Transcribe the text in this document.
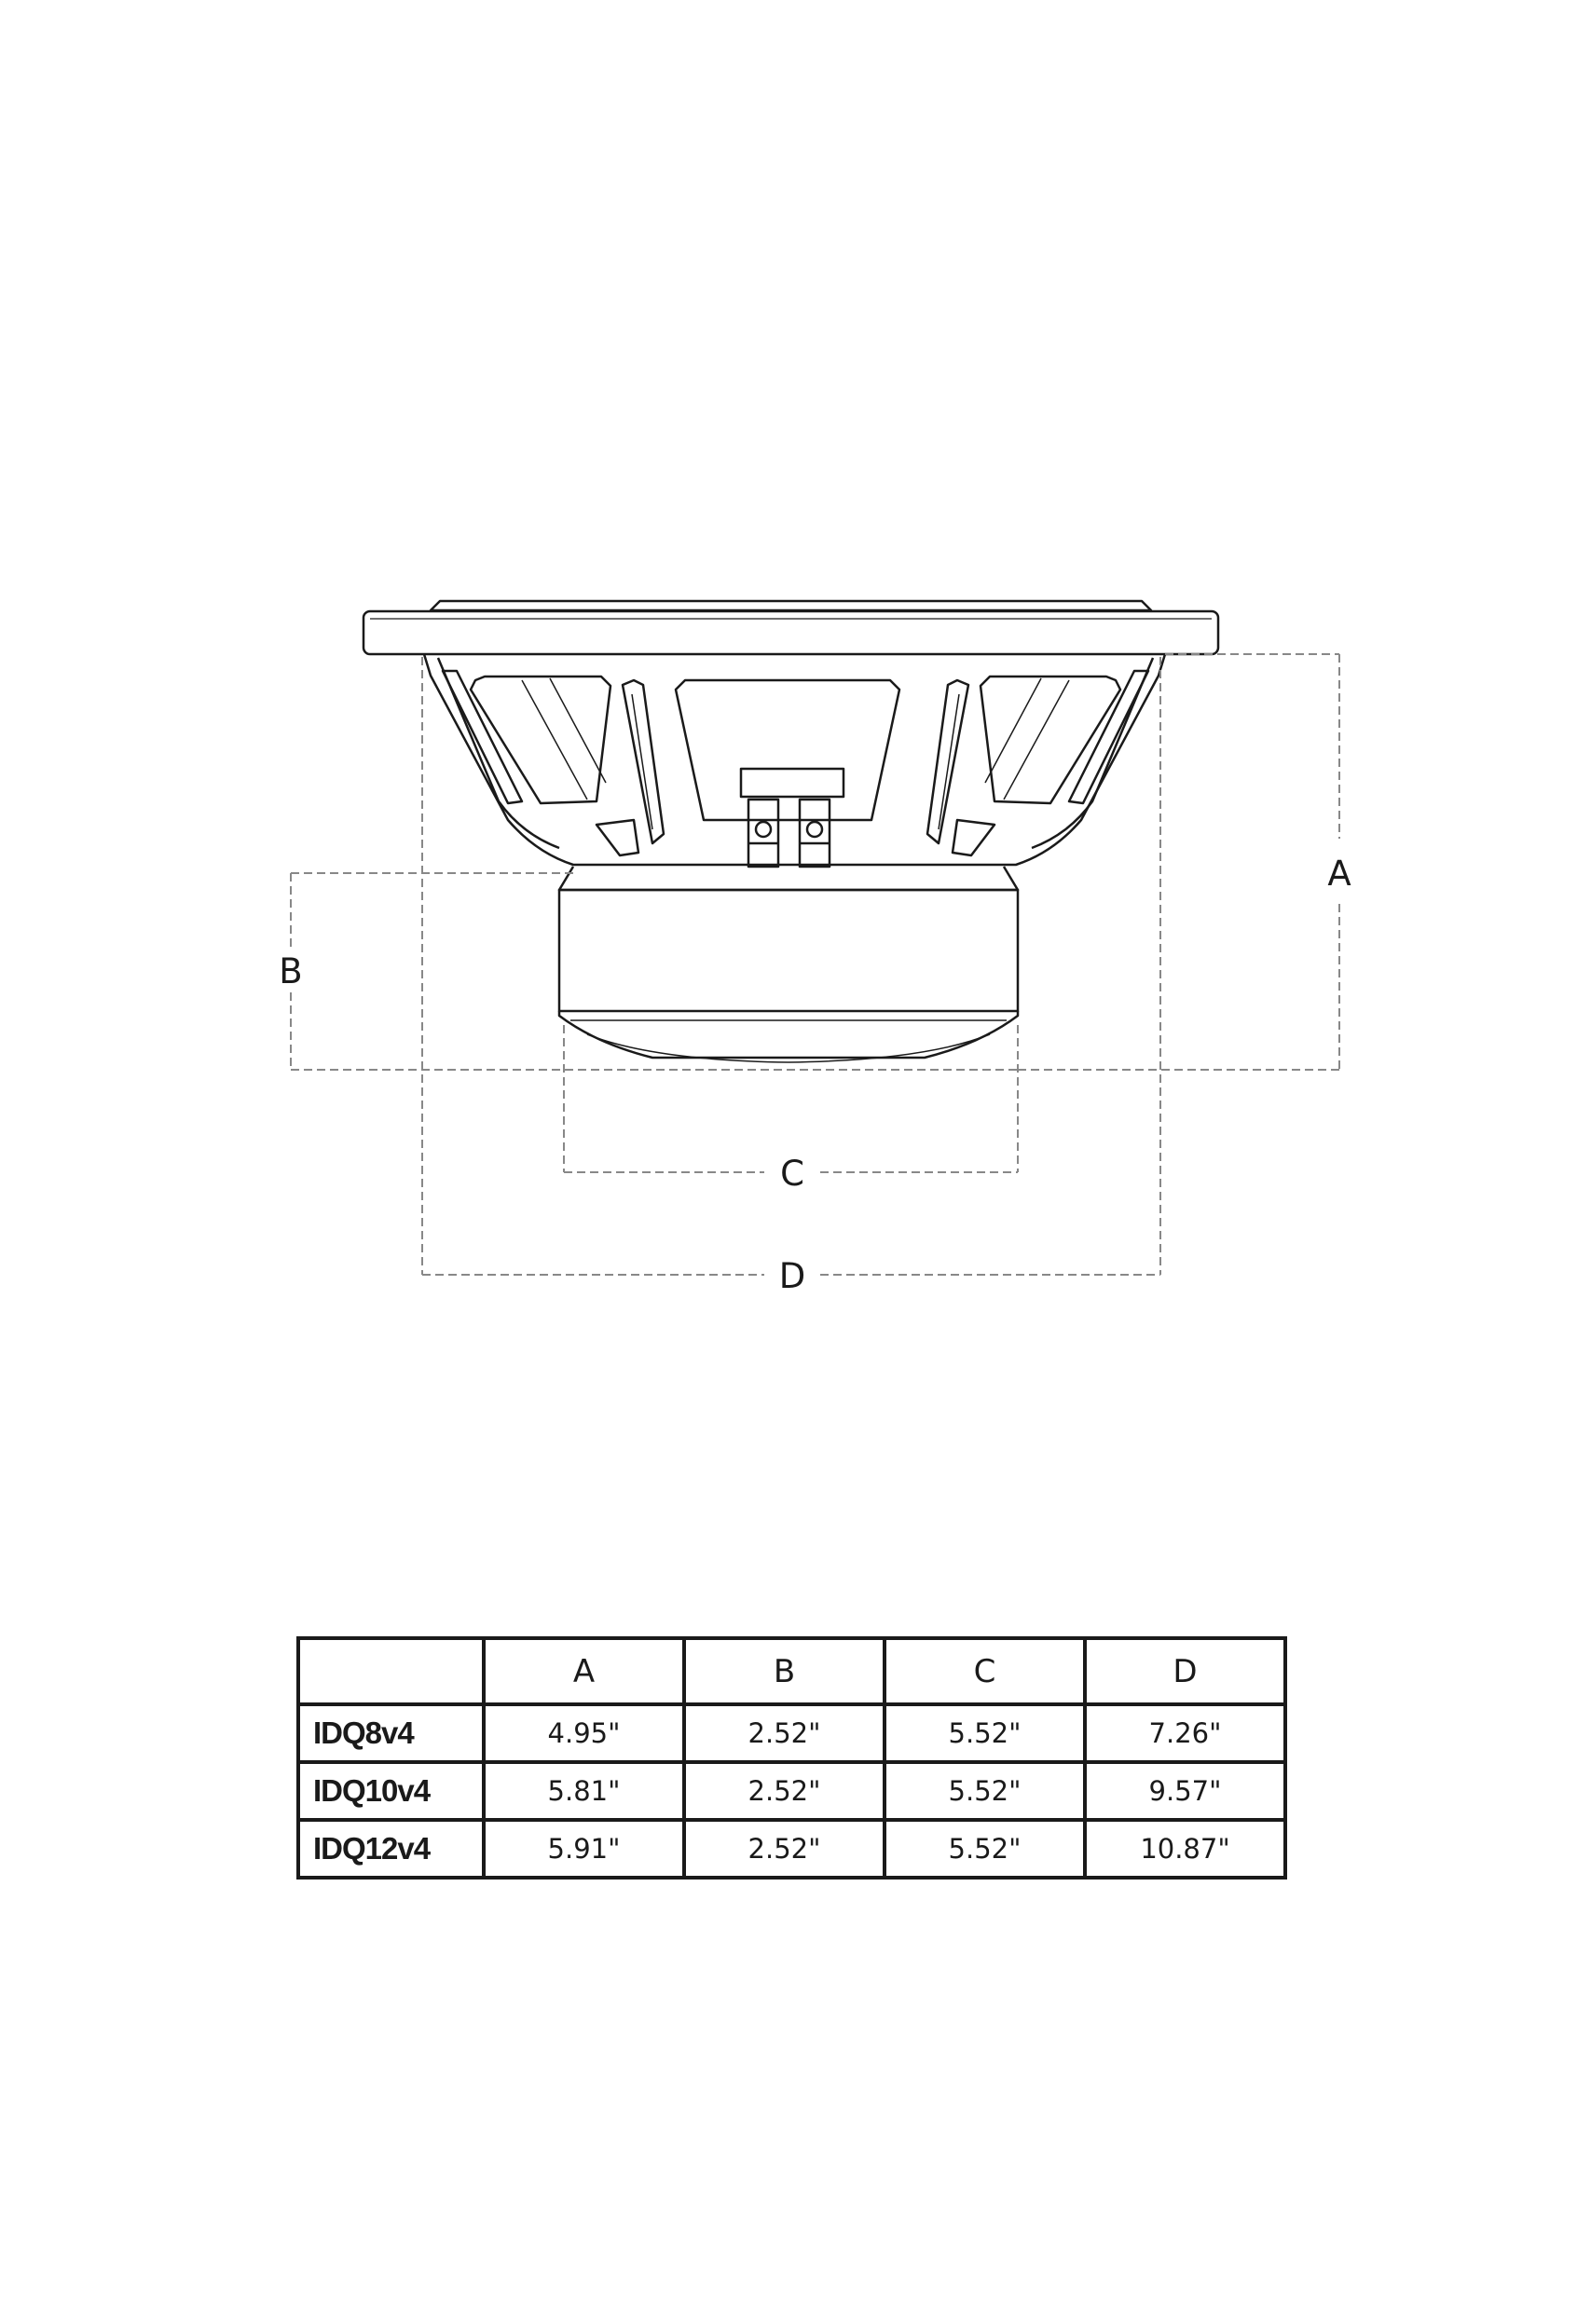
A
B
C
D
	A	B	C	D
IDQ8v4	4.95"	2.52"	5.52"	7.26"
IDQ10v4	5.81"	2.52"	5.52"	9.57"
IDQ12v4	5.91"	2.52"	5.52"	10.87"
